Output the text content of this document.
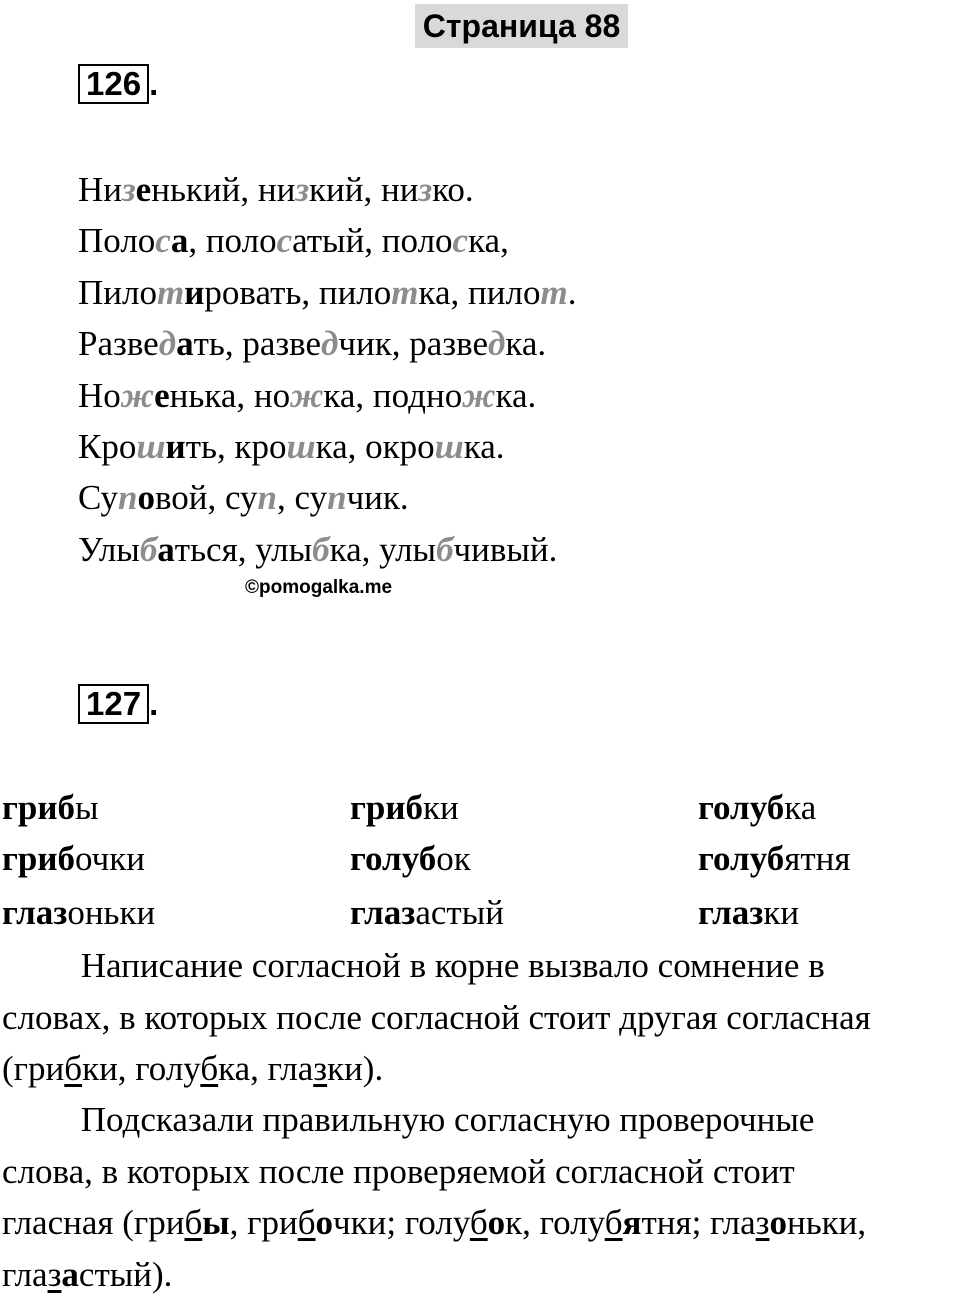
Страница 88
126 .
Низенький, низкий, низко.
Полоса, полосатый, полоска,
Пилотировать, пилотка, пилот.
Разведать, разведчик, разведка.
Ноженька, ножка, подножка.
Крошить, крошка, окрошка.
Суповой, суп, супчик.
Улыбаться, улыбка, улыбчивый.
©pomogalka.me
127 .
грибы	грибки	голубка
грибочки	голубок	голубятня
глазоньки	глазастый	глазки
Написание согласной в корне вызвало сомнение в
словах, в которых после согласной стоит другая согласная
(грибки, голубка, глазки).
Подсказали правильную согласную проверочные
слова, в которых после проверяемой согласной стоит
гласная (грибы, грибочки; голубок, голубятня; глазоньки,
глазастый).
